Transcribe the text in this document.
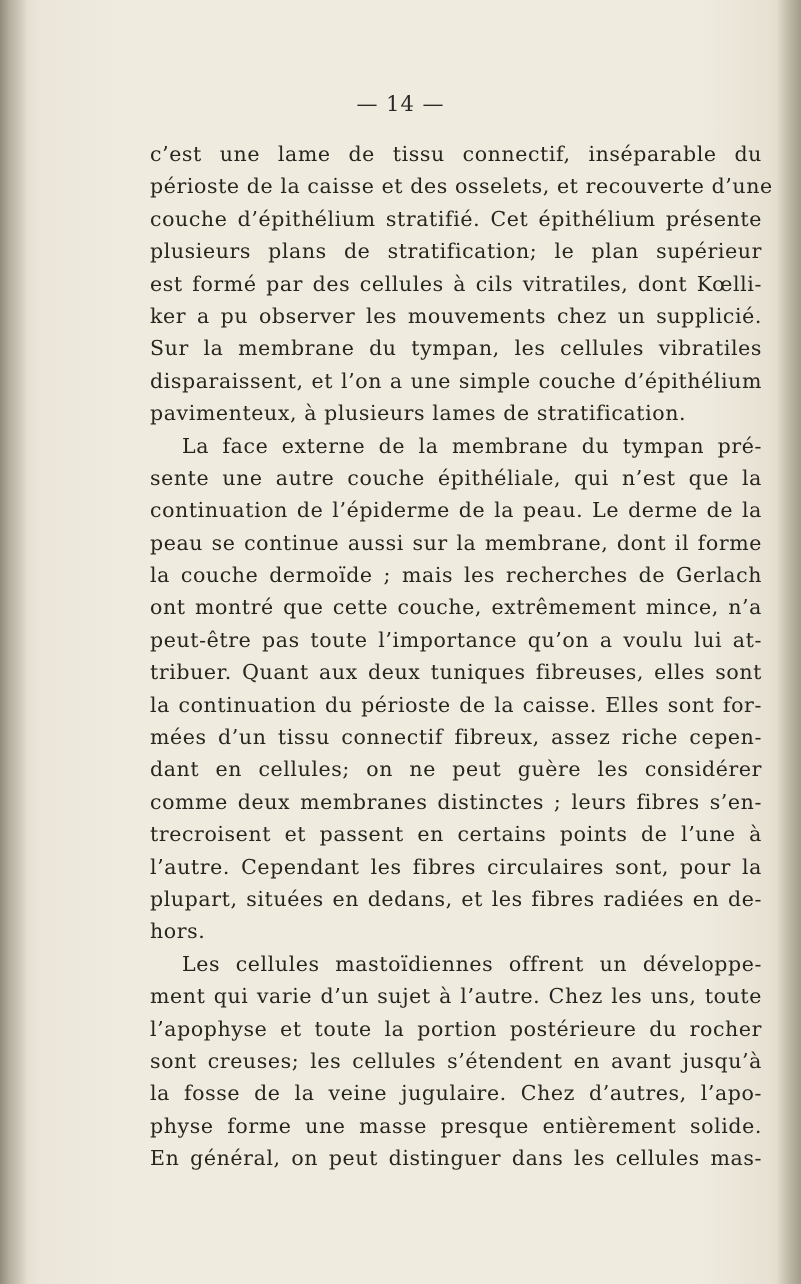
— 14 —
c’est une lame de tissu connectif, inséparable du
périoste de la caisse et des osselets, et recouverte d’une
couche d’épithélium stratifié. Cet épithélium présente
plusieurs plans de stratification; le plan supérieur
est formé par des cellules à cils vitratiles, dont Kœlli-
ker a pu observer les mouvements chez un supplicié.
Sur la membrane du tympan, les cellules vibratiles
disparaissent, et l’on a une simple couche d’épithélium
pavimenteux, à plusieurs lames de stratification.
La face externe de la membrane du tympan pré-
sente une autre couche épithéliale, qui n’est que la
continuation de l’épiderme de la peau. Le derme de la
peau se continue aussi sur la membrane, dont il forme
la couche dermoïde ; mais les recherches de Gerlach
ont montré que cette couche, extrêmement mince, n’a
peut-être pas toute l’importance qu’on a voulu lui at-
tribuer. Quant aux deux tuniques fibreuses, elles sont
la continuation du périoste de la caisse. Elles sont for-
mées d’un tissu connectif fibreux, assez riche cepen-
dant en cellules; on ne peut guère les considérer
comme deux membranes distinctes ; leurs fibres s’en-
trecroisent et passent en certains points de l’une à
l’autre. Cependant les fibres circulaires sont, pour la
plupart, situées en dedans, et les fibres radiées en de-
hors.
Les cellules mastoïdiennes offrent un développe-
ment qui varie d’un sujet à l’autre. Chez les uns, toute
l’apophyse et toute la portion postérieure du rocher
sont creuses; les cellules s’étendent en avant jusqu’à
la fosse de la veine jugulaire. Chez d’autres, l’apo-
physe forme une masse presque entièrement solide.
En général, on peut distinguer dans les cellules mas-
